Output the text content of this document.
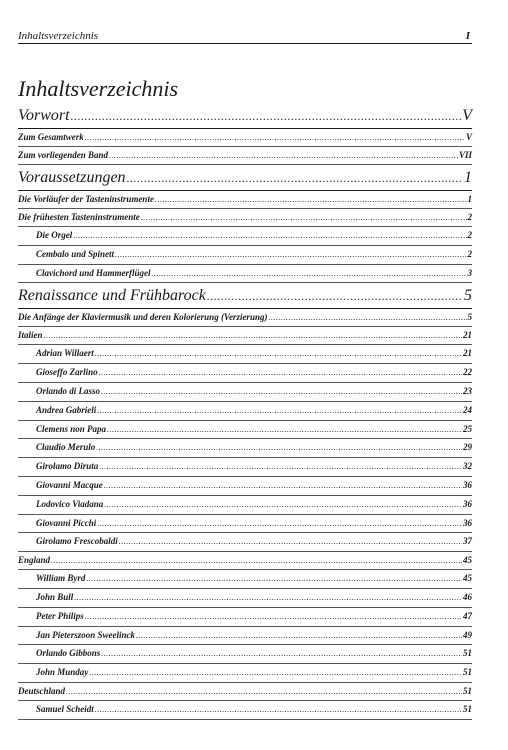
Inhaltsverzeichnis	I
Inhaltsverzeichnis
Vorwort .....	V
Zum Gesamtwerk .....	V
Zum vorliegenden Band .....	VII
Voraussetzungen .....	1
Die Vorläufer der Tasteninstrumente .....	1
Die frühesten Tasteninstrumente .....	2
Die Orgel .....	2
Cembalo und Spinett .....	2
Clavichord und Hammerflügel .....	3
Renaissance und Frühbarock .....	5
Die Anfänge der Klaviermusik und deren Kolorierung (Verzierung) .....	5
Italien .....	21
Adrian Willaert .....	21
Gioseffo Zarlino .....	22
Orlando di Lasso .....	23
Andrea Gabrieli .....	24
Clemens non Papa .....	25
Claudio Merulo .....	29
Girolamo Diruta .....	32
Giovanni Macque .....	36
Lodovico Viadana .....	36
Giovanni Picchi .....	36
Girolamo Frescobaldi .....	37
England .....	45
William Byrd .....	45
John Bull .....	46
Peter Philips .....	47
Jan Pieterszoon Sweelinck .....	49
Orlando Gibbons .....	51
John Munday .....	51
Deutschland .....	51
Samuel Scheidt .....	51
